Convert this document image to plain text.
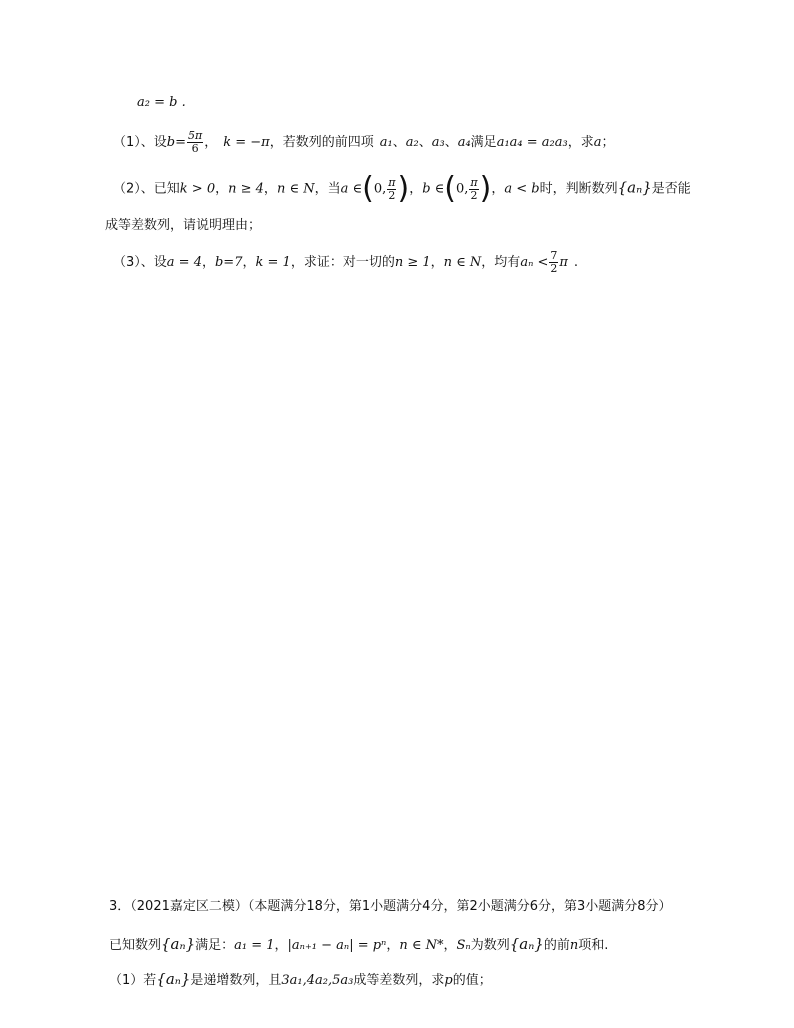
a₂ = b .
（1）、设$b= \frac{5\pi}{6}$ ， k = −π，若数列的前四项 a₁、a₂、a₃、a₄满足a₁a₄ = a₂a₃，求a；
（2）、已知k > 0，n ≥ 4，n ∈ N，当a ∈(0, $\frac{\pi}{2}$ )，b ∈(0, $\frac{\pi}{2}$ )，a < b时，判断数列{aₙ}是否能
成等差数列，请说明理由；
（3）、设a = 4，b=7，k = 1，求证：对一切的n ≥ 1，n ∈ N，均有$a_n < \frac{7}{2}$ π .
3．（2021嘉定区二模）（本题满分18分，第1小题满分4分，第2小题满分6分，第3小题满分8分）
已知数列{aₙ}满足：a₁ = 1，|aₙ₊₁ − aₙ| = pⁿ，n ∈ N*，Sₙ为数列{aₙ}的前n项和.
（1）若{aₙ}是递增数列，且3a₁,4a₂,5a₃成等差数列，求p的值；
